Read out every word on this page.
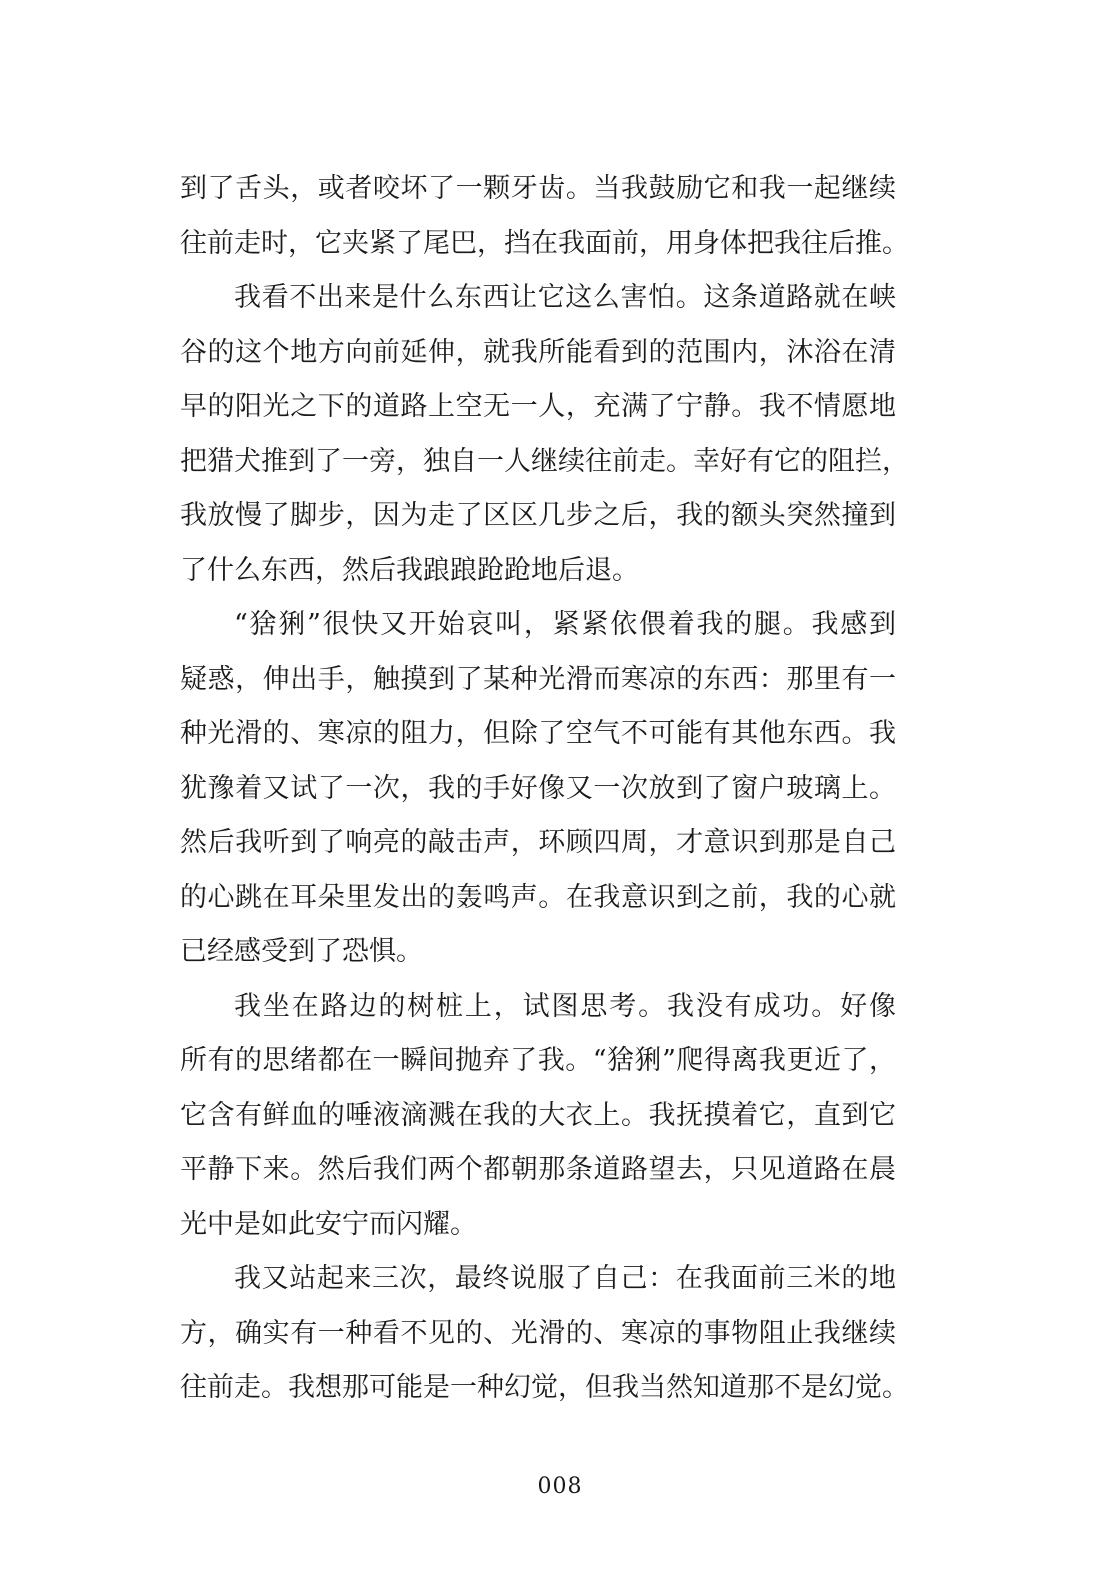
到了舌头，或者咬坏了一颗牙齿。当我鼓励它和我一起继续
往前走时，它夹紧了尾巴，挡在我面前，用身体把我往后推。
我看不出来是什么东西让它这么害怕。这条道路就在峡
谷的这个地方向前延伸，就我所能看到的范围内，沐浴在清
早的阳光之下的道路上空无一人，充满了宁静。我不情愿地
把猎犬推到了一旁，独自一人继续往前走。幸好有它的阻拦，
我放慢了脚步，因为走了区区几步之后，我的额头突然撞到
了什么东西，然后我踉踉跄跄地后退。
“猞猁”很快又开始哀叫，紧紧依偎着我的腿。我感到
疑惑，伸出手，触摸到了某种光滑而寒凉的东西：那里有一
种光滑的、寒凉的阻力，但除了空气不可能有其他东西。我
犹豫着又试了一次，我的手好像又一次放到了窗户玻璃上。
然后我听到了响亮的敲击声，环顾四周，才意识到那是自己
的心跳在耳朵里发出的轰鸣声。在我意识到之前，我的心就
已经感受到了恐惧。
我坐在路边的树桩上，试图思考。我没有成功。好像
所有的思绪都在一瞬间抛弃了我。“猞猁”爬得离我更近了，
它含有鲜血的唾液滴溅在我的大衣上。我抚摸着它，直到它
平静下来。然后我们两个都朝那条道路望去，只见道路在晨
光中是如此安宁而闪耀。
我又站起来三次，最终说服了自己：在我面前三米的地
方，确实有一种看不见的、光滑的、寒凉的事物阻止我继续
往前走。我想那可能是一种幻觉，但我当然知道那不是幻觉。
008
